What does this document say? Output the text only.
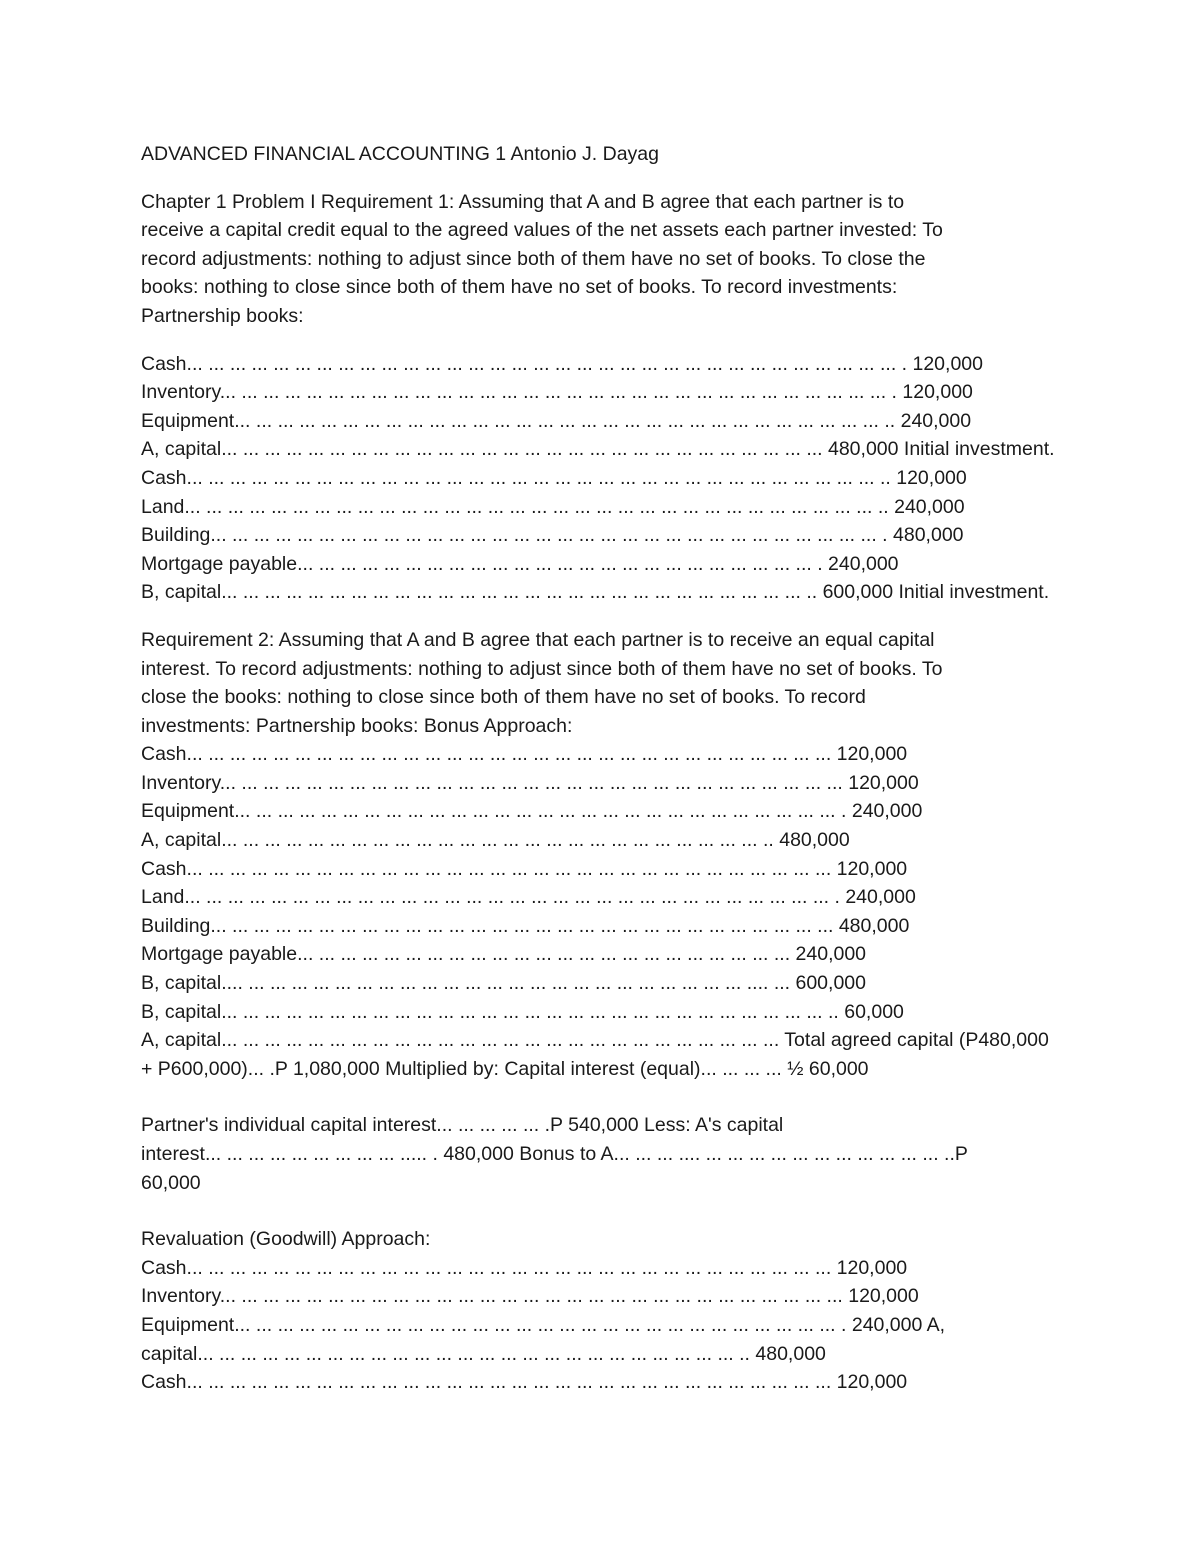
ADVANCED FINANCIAL ACCOUNTING 1 Antonio J. Dayag

Chapter 1 Problem I Requirement 1: Assuming that A and B agree that each partner is to

receive a capital credit equal to the agreed values of the net assets each partner invested: To

record adjustments: nothing to adjust since both of them have no set of books. To close the

books: nothing to close since both of them have no set of books. To record investments:

Partnership books:

Cash... ... ... ... ... ... ... ... ... ... ... ... ... ... ... ... ... ... ... ... ... ... ... ... ... ... ... ... ... ... ... ... ... . 120,000

Inventory... ... ... ... ... ... ... ... ... ... ... ... ... ... ... ... ... ... ... ... ... ... ... ... ... ... ... ... ... ... ... . 120,000

Equipment... ... ... ... ... ... ... ... ... ... ... ... ... ... ... ... ... ... ... ... ... ... ... ... ... ... ... ... ... ... .. 240,000

A, capital... ... ... ... ... ... ... ... ... ... ... ... ... ... ... ... ... ... ... ... ... ... ... ... ... ... ... ... 480,000 Initial investment.

Cash... ... ... ... ... ... ... ... ... ... ... ... ... ... ... ... ... ... ... ... ... ... ... ... ... ... ... ... ... ... ... ... .. 120,000

Land... ... ... ... ... ... ... ... ... ... ... ... ... ... ... ... ... ... ... ... ... ... ... ... ... ... ... ... ... ... ... ... .. 240,000

Building... ... ... ... ... ... ... ... ... ... ... ... ... ... ... ... ... ... ... ... ... ... ... ... ... ... ... ... ... ... ... . 480,000

Mortgage payable... ... ... ... ... ... ... ... ... ... ... ... ... ... ... ... ... ... ... ... ... ... ... ... . 240,000

B, capital... ... ... ... ... ... ... ... ... ... ... ... ... ... ... ... ... ... ... ... ... ... ... ... ... ... ... .. 600,000 Initial investment.

Requirement 2: Assuming that A and B agree that each partner is to receive an equal capital

interest. To record adjustments: nothing to adjust since both of them have no set of books. To

close the books: nothing to close since both of them have no set of books. To record

investments: Partnership books: Bonus Approach:

Cash... ... ... ... ... ... ... ... ... ... ... ... ... ... ... ... ... ... ... ... ... ... ... ... ... ... ... ... ... ... 120,000

Inventory... ... ... ... ... ... ... ... ... ... ... ... ... ... ... ... ... ... ... ... ... ... ... ... ... ... ... ... ... 120,000

Equipment... ... ... ... ... ... ... ... ... ... ... ... ... ... ... ... ... ... ... ... ... ... ... ... ... ... ... ... . 240,000

A, capital... ... ... ... ... ... ... ... ... ... ... ... ... ... ... ... ... ... ... ... ... ... ... ... ... .. 480,000

Cash... ... ... ... ... ... ... ... ... ... ... ... ... ... ... ... ... ... ... ... ... ... ... ... ... ... ... ... ... ... 120,000

Land... ... ... ... ... ... ... ... ... ... ... ... ... ... ... ... ... ... ... ... ... ... ... ... ... ... ... ... ... ... . 240,000

Building... ... ... ... ... ... ... ... ... ... ... ... ... ... ... ... ... ... ... ... ... ... ... ... ... ... ... ... ... 480,000

Mortgage payable... ... ... ... ... ... ... ... ... ... ... ... ... ... ... ... ... ... ... ... ... ... ... 240,000

B, capital.... ... ... ... ... ... ... ... ... ... ... ... ... ... ... ... ... ... ... ... ... ... ... ... .... ... 600,000

B, capital... ... ... ... ... ... ... ... ... ... ... ... ... ... ... ... ... ... ... ... ... ... ... ... ... ... ... ... .. 60,000

A, capital... ... ... ... ... ... ... ... ... ... ... ... ... ... ... ... ... ... ... ... ... ... ... ... ... ... Total agreed capital (P480,000

+ P600,000)... .P 1,080,000 Multiplied by: Capital interest (equal)... ... ... ... ½ 60,000

Partner's individual capital interest... ... ... ... ... .P 540,000 Less: A's capital

interest... ... ... ... ... ... ... ... ... ..... . 480,000 Bonus to A... ... ... .... ... ... ... ... ... ... ... ... ... ... ... ..P

60,000

Revaluation (Goodwill) Approach:

Cash... ... ... ... ... ... ... ... ... ... ... ... ... ... ... ... ... ... ... ... ... ... ... ... ... ... ... ... ... ... 120,000

Inventory... ... ... ... ... ... ... ... ... ... ... ... ... ... ... ... ... ... ... ... ... ... ... ... ... ... ... ... ... 120,000

Equipment... ... ... ... ... ... ... ... ... ... ... ... ... ... ... ... ... ... ... ... ... ... ... ... ... ... ... ... . 240,000 A,

capital... ... ... ... ... ... ... ... ... ... ... ... ... ... ... ... ... ... ... ... ... ... ... ... ... .. 480,000

Cash... ... ... ... ... ... ... ... ... ... ... ... ... ... ... ... ... ... ... ... ... ... ... ... ... ... ... ... ... ... 120,000
